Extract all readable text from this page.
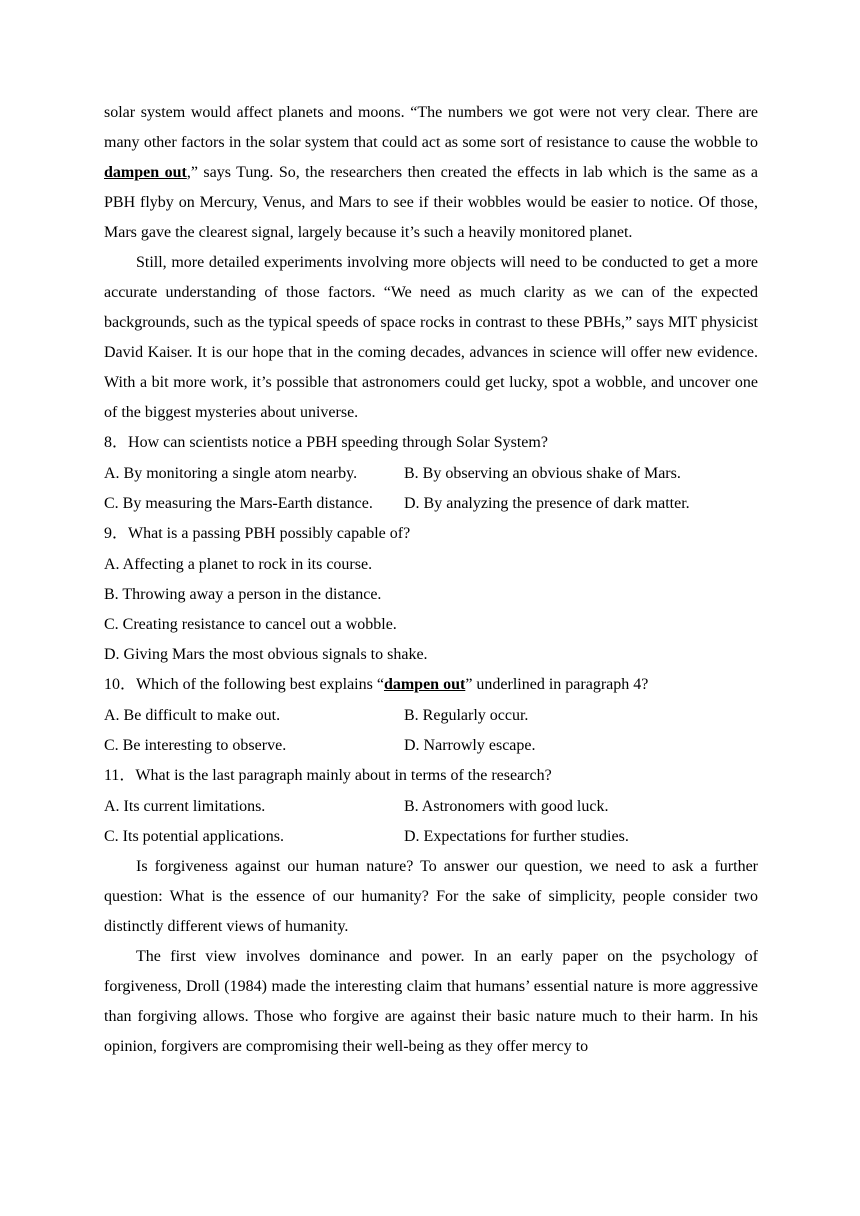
solar system would affect planets and moons. “The numbers we got were not very clear. There are many other factors in the solar system that could act as some sort of resistance to cause the wobble to dampen out,” says Tung. So, the researchers then created the effects in lab which is the same as a PBH flyby on Mercury, Venus, and Mars to see if their wobbles would be easier to notice. Of those, Mars gave the clearest signal, largely because it’s such a heavily monitored planet.

Still, more detailed experiments involving more objects will need to be conducted to get a more accurate understanding of those factors. “We need as much clarity as we can of the expected backgrounds, such as the typical speeds of space rocks in contrast to these PBHs,” says MIT physicist David Kaiser. It is our hope that in the coming decades, advances in science will offer new evidence. With a bit more work, it’s possible that astronomers could get lucky, spot a wobble, and uncover one of the biggest mysteries about universe.

8．How can scientists notice a PBH speeding through Solar System?
A. By monitoring a single atom nearby.	B. By observing an obvious shake of Mars.
C. By measuring the Mars-Earth distance.	D. By analyzing the presence of dark matter.
9．What is a passing PBH possibly capable of?
A. Affecting a planet to rock in its course.
B. Throwing away a person in the distance.
C. Creating resistance to cancel out a wobble.
D. Giving Mars the most obvious signals to shake.
10．Which of the following best explains “dampen out” underlined in paragraph 4?
A. Be difficult to make out.	B. Regularly occur.
C. Be interesting to observe.	D. Narrowly escape.
11．What is the last paragraph mainly about in terms of the research?
A. Its current limitations.	B. Astronomers with good luck.
C. Its potential applications.	D. Expectations for further studies.

Is forgiveness against our human nature? To answer our question, we need to ask a further question: What is the essence of our humanity? For the sake of simplicity, people consider two distinctly different views of humanity.

The first view involves dominance and power. In an early paper on the psychology of forgiveness, Droll (1984) made the interesting claim that humans’ essential nature is more aggressive than forgiving allows. Those who forgive are against their basic nature much to their harm. In his opinion, forgivers are compromising their well-being as they offer mercy to
